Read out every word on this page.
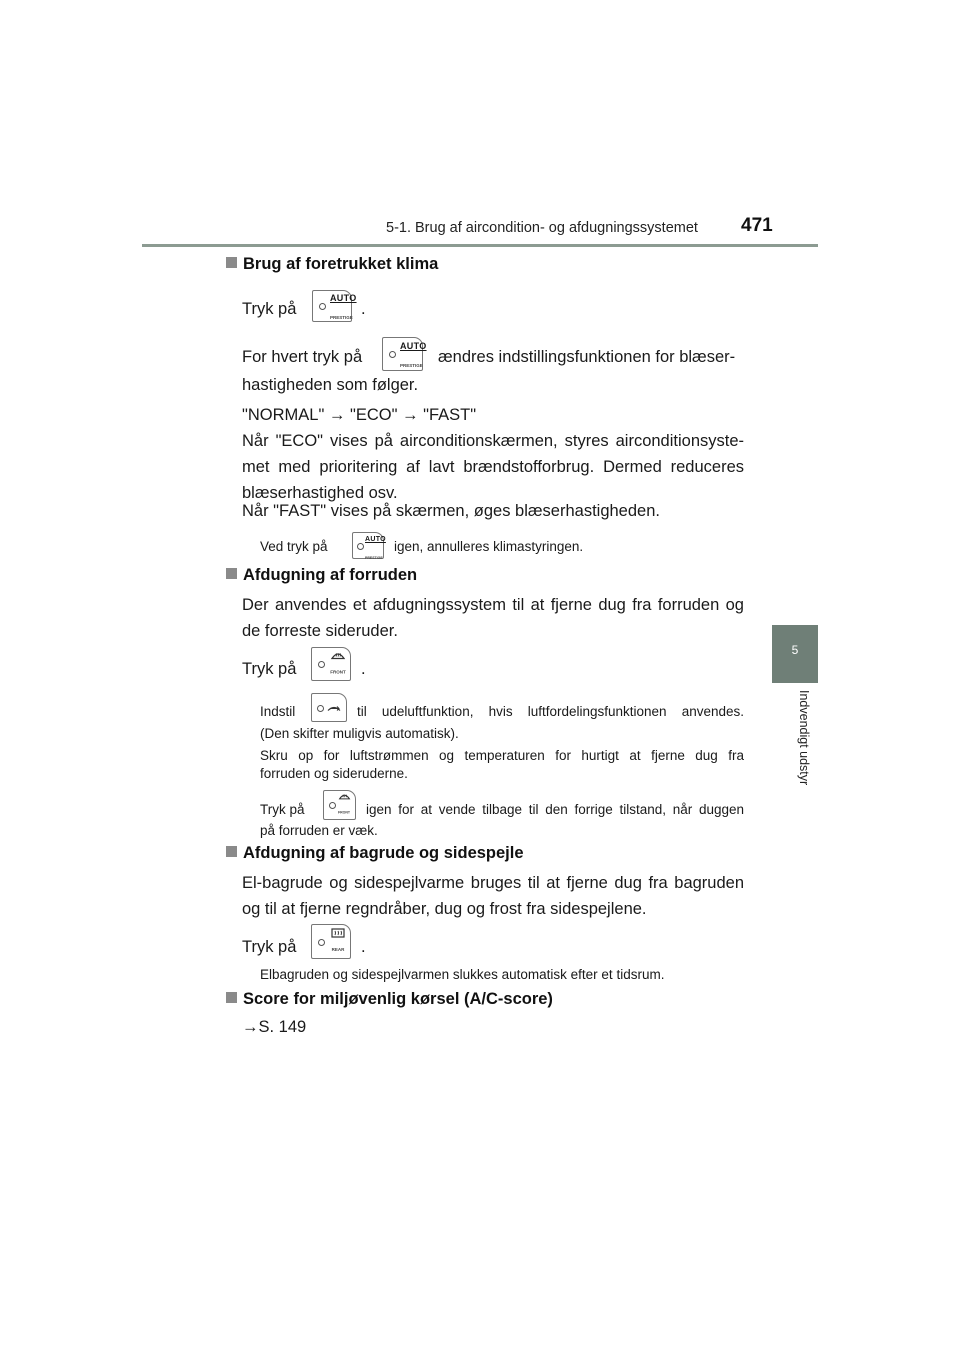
5-1. Brug af aircondition- og afdugningssystemet 471
5
Indvendigt udstyr
Brug af foretrukket klima
Tryk på
AUTO
PRESTIGE .
For hvert tryk på
AUTO
PRESTIGE ændres indstillingsfunktionen for blæser-
hastigheden som følger.
"NORMAL" → "ECO" → "FAST"
Når "ECO" vises på airconditionskærmen, styres airconditionsyste-
met med prioritering af lavt brændstofforbrug. Dermed reduceres
blæserhastighed osv.
Når "FAST" vises på skærmen, øges blæserhastigheden.
Ved tryk på	AUTO
PRESTIGE
igen, annulleres klimastyringen.
Afdugning af forruden
Der anvendes et afdugningssystem til at fjerne dug fra forruden og
de forreste sideruder.
Tryk på	FRONT .
Indstil	til udeluftfunktion, hvis luftfordelingsfunktionen anvendes.
(Den skifter muligvis automatisk).
Skru op for luftstrømmen og temperaturen for hurtigt at fjerne dug fra
forruden og sideruderne.
Tryk på	FRONT igen for at vende tilbage til den forrige tilstand, når duggen
på forruden er væk.
Afdugning af bagrude og sidespejle
El-bagrude og sidespejlvarme bruges til at fjerne dug fra bagruden
og til at fjerne regndråber, dug og frost fra sidespejlene.
Tryk på	REAR .
Elbagruden og sidespejlvarmen slukkes automatisk efter et tidsrum.
Score for miljøvenlig kørsel (A/C-score)
→S. 149
